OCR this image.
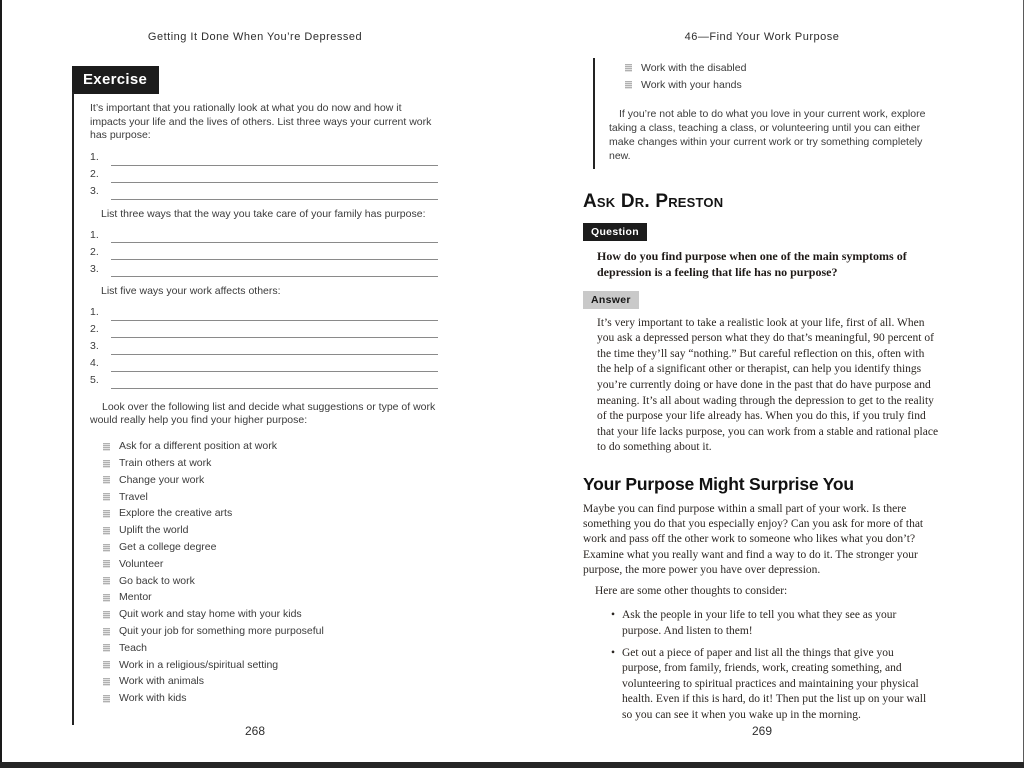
Getting It Done When You’re Depressed
Exercise

It’s important that you rationally look at what you do now and how it impacts your life and the lives of others. List three ways your current work has purpose:

1.
2.
3.

List three ways that the way you take care of your family has purpose:

1.
2.
3.

List five ways your work affects others:

1.
2.
3.
4.
5.

Look over the following list and decide what suggestions or type of work would really help you find your higher purpose:

Ask for a different position at work
Train others at work
Change your work
Travel
Explore the creative arts
Uplift the world
Get a college degree
Volunteer
Go back to work
Mentor
Quit work and stay home with your kids
Quit your job for something more purposeful
Teach
Work in a religious/spiritual setting
Work with animals
Work with kids
268
46—Find Your Work Purpose
Work with the disabled
Work with your hands

If you’re not able to do what you love in your current work, explore taking a class, teaching a class, or volunteering until you can either make changes within your current work or try something completely new.

Ask Dr. Preston
Question

How do you find purpose when one of the main symptoms of depression is a feeling that life has no purpose?

Answer

It’s very important to take a realistic look at your life, first of all. When you ask a depressed person what they do that’s meaningful, 90 percent of the time they’ll say “nothing.” But careful reflection on this, often with the help of a significant other or therapist, can help you identify things you’re currently doing or have done in the past that do have purpose and meaning. It’s all about wading through the depression to get to the reality of the purpose your life already has. When you do this, if you truly find that your life lacks purpose, you can work from a stable and rational place to do something about it.

Your Purpose Might Surprise You

Maybe you can find purpose within a small part of your work. Is there something you do that you especially enjoy? Can you ask for more of that work and pass off the other work to someone who likes what you don’t? Examine what you really want and find a way to do it. The stronger your purpose, the more power you have over depression.

Here are some other thoughts to consider:

• Ask the people in your life to tell you what they see as your purpose. And listen to them!
• Get out a piece of paper and list all the things that give you purpose, from family, friends, work, creating something, and volunteering to spiritual practices and maintaining your physical health. Even if this is hard, do it! Then put the list up on your wall so you can see it when you wake up in the morning.
269
